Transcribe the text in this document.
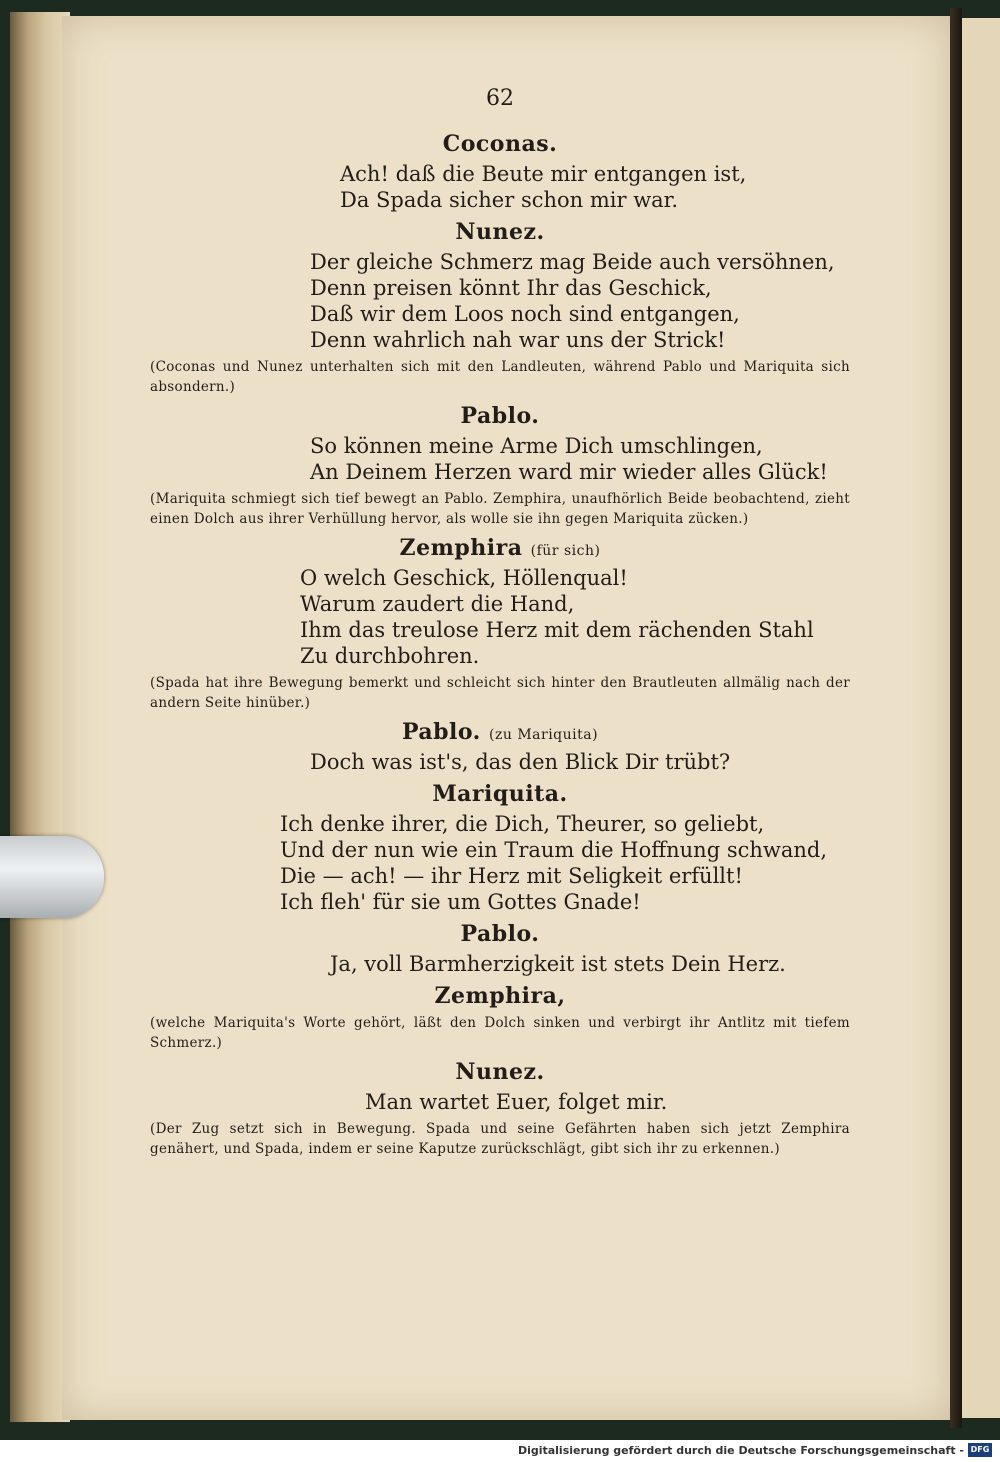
62
Coconas.
Ach! daß die Beute mir entgangen ist,
Da Spada sicher schon mir war.
Nunez.
Der gleiche Schmerz mag Beide auch versöhnen,
Denn preisen könnt Ihr das Geschick,
Daß wir dem Loos noch sind entgangen,
Denn wahrlich nah war uns der Strick!
(Coconas und Nunez unterhalten sich mit den Landleuten, während Pablo und Mariquita sich absondern.)
Pablo.
So können meine Arme Dich umschlingen,
An Deinem Herzen ward mir wieder alles Glück!
(Mariquita schmiegt sich tief bewegt an Pablo. Zemphira, unaufhörlich Beide beobachtend, zieht einen Dolch aus ihrer Verhüllung hervor, als wolle sie ihn gegen Mariquita zücken.)
Zemphira (für sich)
O welch Geschick, Höllenqual!
Warum zaudert die Hand,
Ihm das treulose Herz mit dem rächenden Stahl
Zu durchbohren.
(Spada hat ihre Bewegung bemerkt und schleicht sich hinter den Brautleuten allmälig nach der andern Seite hinüber.)
Pablo. (zu Mariquita)
Doch was ist's, das den Blick Dir trübt?
Mariquita.
Ich denke ihrer, die Dich, Theurer, so geliebt,
Und der nun wie ein Traum die Hoffnung schwand,
Die — ach! — ihr Herz mit Seligkeit erfüllt!
Ich fleh' für sie um Gottes Gnade!
Pablo.
Ja, voll Barmherzigkeit ist stets Dein Herz.
Zemphira,
(welche Mariquita's Worte gehört, läßt den Dolch sinken und verbirgt ihr Antlitz mit tiefem Schmerz.)
Nunez.
Man wartet Euer, folget mir.
(Der Zug setzt sich in Bewegung. Spada und seine Gefährten haben sich jetzt Zemphira genähert, und Spada, indem er seine Kaputze zurückschlägt, gibt sich ihr zu erkennen.)
Digitalisierung gefördert durch die Deutsche Forschungsgemeinschaft - DFG
